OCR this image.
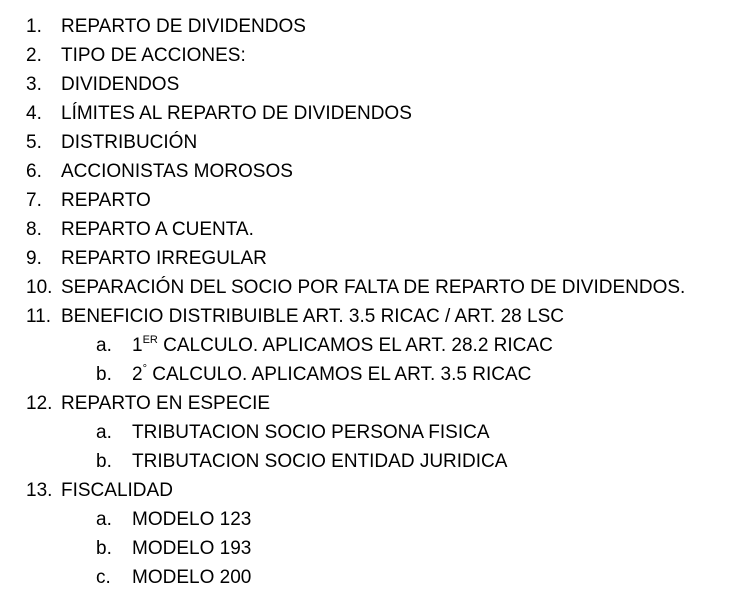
1.	REPARTO DE DIVIDENDOS
2.	TIPO DE ACCIONES:
3.	DIVIDENDOS
4.	LÍMITES AL REPARTO DE DIVIDENDOS
5.	DISTRIBUCIÓN
6.	ACCIONISTAS MOROSOS
7.	REPARTO
8.	REPARTO A CUENTA.
9.	REPARTO IRREGULAR
10. SEPARACIÓN DEL SOCIO POR FALTA DE REPARTO DE DIVIDENDOS.
11. BENEFICIO DISTRIBUIBLE ART. 3.5 RICAC / ART. 28 LSC
a.	1ER CALCULO. APLICAMOS EL ART. 28.2 RICAC
b.	2° CALCULO. APLICAMOS EL ART. 3.5 RICAC
12. REPARTO EN ESPECIE
a.	TRIBUTACION SOCIO PERSONA FISICA
b.	TRIBUTACION SOCIO ENTIDAD JURIDICA
13. FISCALIDAD
a.	MODELO 123
b.	MODELO 193
c.	MODELO 200
